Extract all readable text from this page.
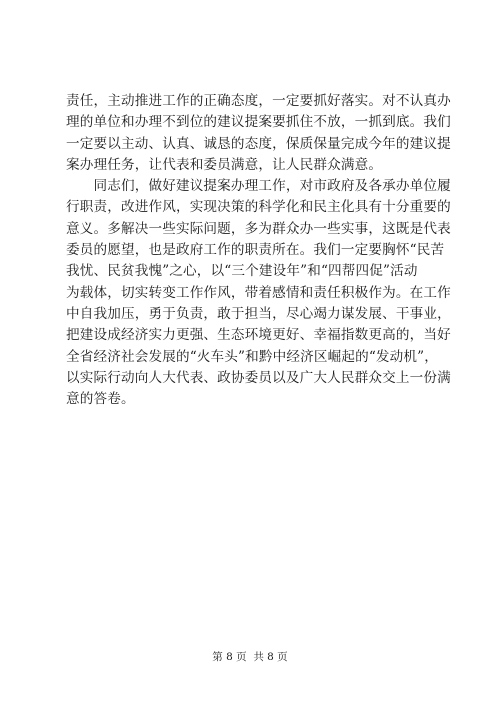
责任，主动推进工作的正确态度，一定要抓好落实。对不认真办
理的单位和办理不到位的建议提案要抓住不放，一抓到底。我们
一定要以主动、认真、诚恳的态度，保质保量完成今年的建议提
案办理任务，让代表和委员满意，让人民群众满意。
　　同志们，做好建议提案办理工作，对市政府及各承办单位履
行职责，改进作风，实现决策的科学化和民主化具有十分重要的
意义。多解决一些实际问题，多为群众办一些实事，这既是代表
委员的愿望，也是政府工作的职责所在。我们一定要胸怀“民苦
我忧、民贫我愧”之心，以“三个建设年”和“四帮四促”活动
为载体，切实转变工作作风，带着感情和责任积极作为。在工作
中自我加压，勇于负责，敢于担当，尽心竭力谋发展、干事业，
把建设成经济实力更强、生态环境更好、幸福指数更高的，当好
全省经济社会发展的“火车头”和黔中经济区崛起的“发动机”，
以实际行动向人大代表、政协委员以及广大人民群众交上一份满
意的答卷。
第 8 页  共 8 页
